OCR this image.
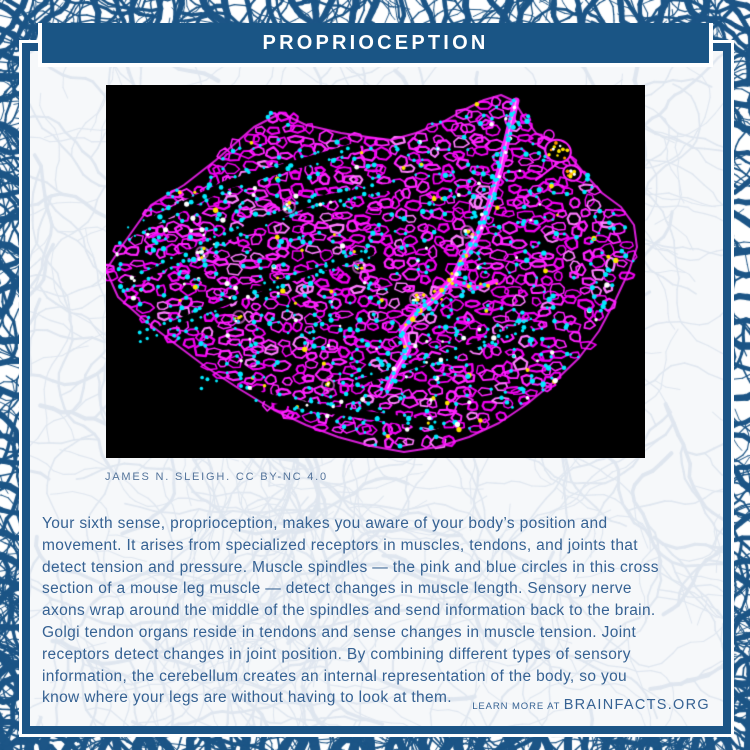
PROPRIOCEPTION
JAMES N. SLEIGH. CC BY-NC 4.0
Your sixth sense, proprioception, makes you aware of your body’s position and
movement. It arises from specialized receptors in muscles, tendons, and joints that
detect tension and pressure. Muscle spindles — the pink and blue circles in this cross
section of a mouse leg muscle — detect changes in muscle length. Sensory nerve
axons wrap around the middle of the spindles and send information back to the brain.
Golgi tendon organs reside in tendons and sense changes in muscle tension. Joint
receptors detect changes in joint position. By combining different types of sensory
information, the cerebellum creates an internal representation of the body, so you
know where your legs are without having to look at them.
LEARN MORE AT BRAINFACTS.ORG
